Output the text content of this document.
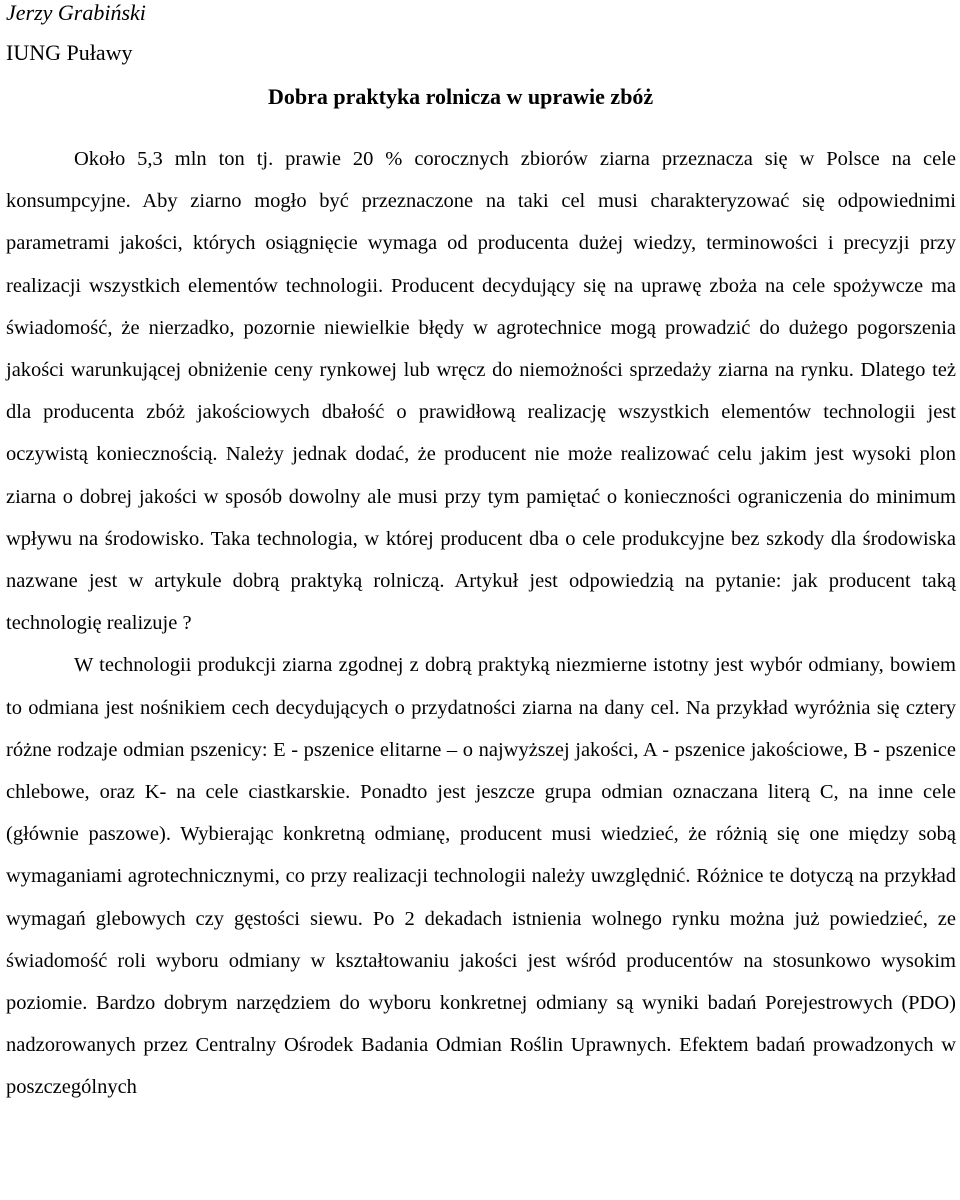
Jerzy Grabiński

IUNG Puławy

Dobra praktyka rolnicza w uprawie zbóż

Około 5,3 mln ton tj. prawie 20 % corocznych zbiorów ziarna przeznacza się w Polsce na cele konsumpcyjne. Aby ziarno mogło być przeznaczone na taki cel musi charakteryzować się odpowiednimi parametrami jakości, których osiągnięcie wymaga od producenta dużej wiedzy, terminowości i precyzji przy realizacji wszystkich elementów technologii. Producent decydujący się na uprawę zboża na cele spożywcze ma świadomość, że nierzadko, pozornie niewielkie błędy w agrotechnice mogą prowadzić do dużego pogorszenia jakości warunkującej obniżenie ceny rynkowej lub wręcz do niemożności sprzedaży ziarna na rynku. Dlatego też dla producenta zbóż jakościowych dbałość o prawidłową realizację wszystkich elementów technologii jest oczywistą koniecznością. Należy jednak dodać, że producent nie może realizować celu jakim jest wysoki plon ziarna o dobrej jakości w sposób dowolny ale musi przy tym pamiętać o konieczności ograniczenia do minimum wpływu na środowisko. Taka technologia, w której producent dba o cele produkcyjne bez szkody dla środowiska nazwane jest w artykule dobrą praktyką rolniczą. Artykuł jest odpowiedzią na pytanie: jak producent taką technologię realizuje ?

W technologii produkcji ziarna zgodnej z dobrą praktyką niezmierne istotny jest wybór odmiany, bowiem to odmiana jest nośnikiem cech decydujących o przydatności ziarna na dany cel. Na przykład wyróżnia się cztery różne rodzaje odmian pszenicy: E - pszenice elitarne – o najwyższej jakości, A - pszenice jakościowe, B - pszenice chlebowe, oraz K- na cele ciastkarskie. Ponadto jest jeszcze grupa odmian oznaczana literą C, na inne cele (głównie paszowe). Wybierając konkretną odmianę, producent musi wiedzieć, że różnią się one między sobą wymaganiami agrotechnicznymi, co przy realizacji technologii należy uwzględnić. Różnice te dotyczą na przykład wymagań glebowych czy gęstości siewu. Po 2 dekadach istnienia wolnego rynku można już powiedzieć, ze świadomość roli wyboru odmiany w kształtowaniu jakości jest wśród producentów na stosunkowo wysokim poziomie. Bardzo dobrym narzędziem do wyboru konkretnej odmiany są wyniki badań Porejestrowych (PDO) nadzorowanych przez Centralny Ośrodek Badania Odmian Roślin Uprawnych. Efektem badań prowadzonych w poszczególnych
